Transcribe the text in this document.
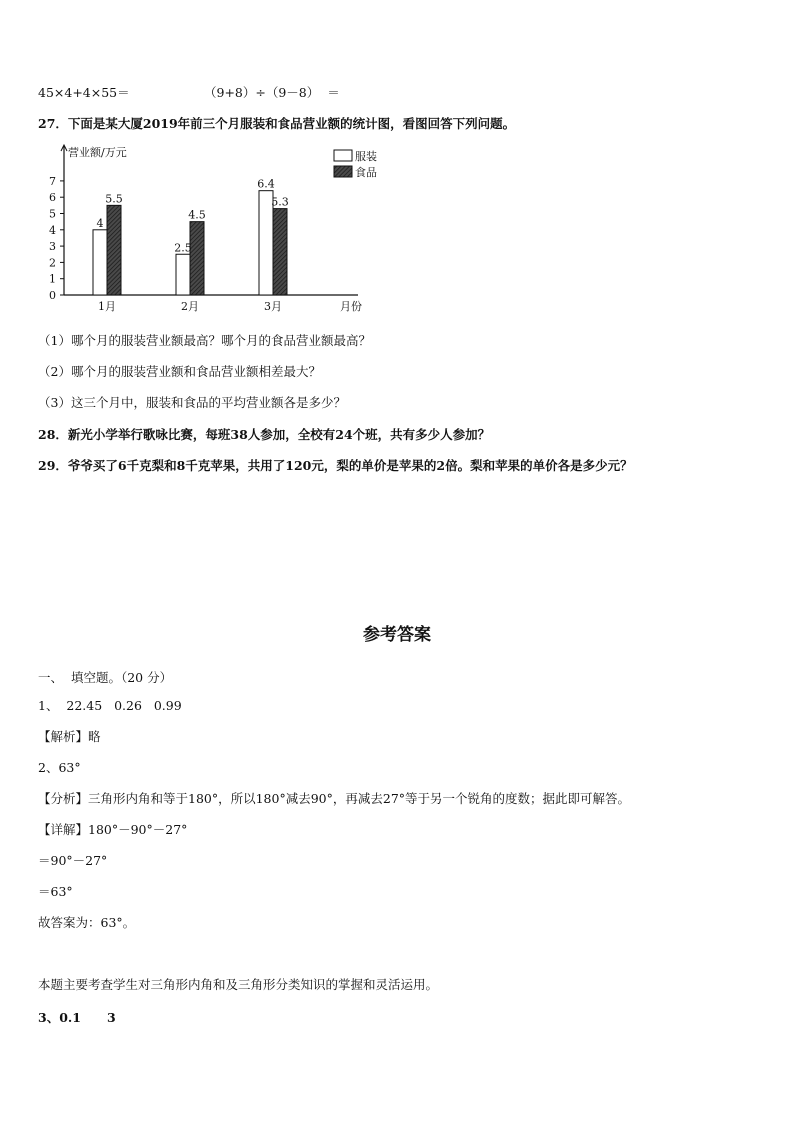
45×4+4×55＝	（9+8）÷（9－8）  ＝
27．下面是某大厦2019年前三个月服装和食品营业额的统计图，看图回答下列问题。
0
1
2
3
4
5
6
7
营业额/万元
月份
1月
4
5.5
2月
2.5
4.5
3月
6.4
5.3
服装
食品
（1）哪个月的服装营业额最高？哪个月的食品营业额最高？
（2）哪个月的服装营业额和食品营业额相差最大？
（3）这三个月中，服装和食品的平均营业额各是多少？
28．新光小学举行歌咏比赛，每班38人参加，全校有24个班，共有多少人参加？
29．爷爷买了6千克梨和8千克苹果，共用了120元，梨的单价是苹果的2倍。梨和苹果的单价各是多少元？
参考答案
一、  填空题。（20 分）
1、  22.45   0.26   0.99
【解析】略
2、63°
【分析】三角形内角和等于180°，所以180°减去90°，再减去27°等于另一个锐角的度数；据此即可解答。
【详解】180°－90°－27°
＝90°－27°
＝63°
故答案为：63°。
本题主要考查学生对三角形内角和及三角形分类知识的掌握和灵活运用。
3、0.1      3
